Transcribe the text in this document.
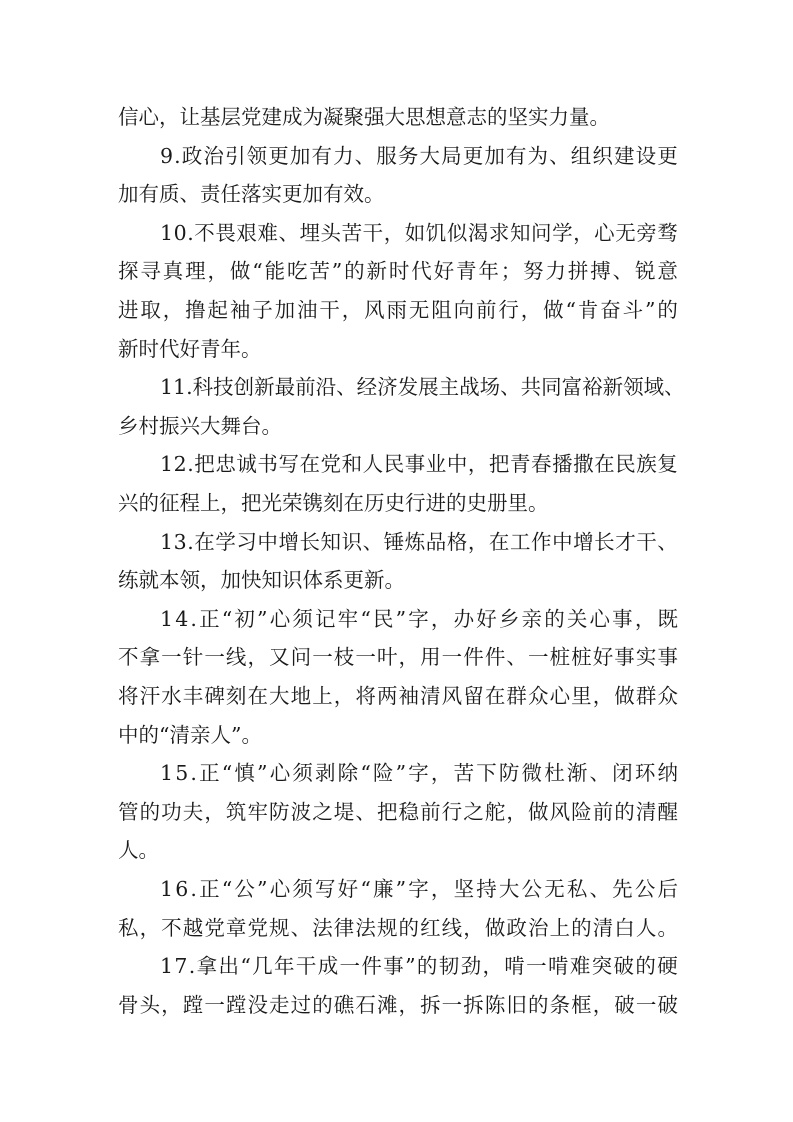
信心，让基层党建成为凝聚强大思想意志的坚实力量。
9 . 政 治 引 领 更 加 有 力 、 服 务 大 局 更 加 有 为 、 组 织 建 设 更
加有质、责任落实更加有效。
1 0 . 不 畏 艰 难 、 埋 头 苦 干 ， 如 饥 似 渴 求 知 问 学 ， 心 无 旁 骛
探 寻 真 理 ， 做 “ 能 吃 苦 ” 的 新 时 代 好 青 年 ； 努 力 拼 搏 、 锐 意
进 取 ， 撸 起 袖 子 加 油 干 ， 风 雨 无 阻 向 前 行 ， 做 “ 肯 奋 斗 ” 的
新时代好青年。
1 1 . 科 技 创 新 最 前 沿 、 经 济 发 展 主 战 场 、 共 同 富 裕 新 领 域 、
乡村振兴大舞台。
1 2 . 把 忠 诚 书 写 在 党 和 人 民 事 业 中 ， 把 青 春 播 撒 在 民 族 复
兴的征程上，把光荣镌刻在历史行进的史册里。
1 3 . 在 学 习 中 增 长 知 识 、 锤 炼 品 格 ， 在 工 作 中 增 长 才 干 、
练就本领，加快知识体系更新。
1 4 . 正 “ 初 ” 心 须 记 牢 “ 民 ” 字 ， 办 好 乡 亲 的 关 心 事 ， 既
不 拿 一 针 一 线 ， 又 问 一 枝 一 叶 ， 用 一 件 件 、 一 桩 桩 好 事 实 事
将 汗 水 丰 碑 刻 在 大 地 上 ， 将 两 袖 清 风 留 在 群 众 心 里 ， 做 群 众
中的“清亲人”。
1 5 . 正 “ 慎 ” 心 须 剥 除 “ 险 ” 字 ， 苦 下 防 微 杜 渐 、 闭 环 纳
管 的 功 夫 ， 筑 牢 防 波 之 堤 、 把 稳 前 行 之 舵 ， 做 风 险 前 的 清 醒
人。
1 6 . 正 “ 公 ” 心 须 写 好 “ 廉 ” 字 ， 坚 持 大 公 无 私 、 先 公 后
私 ， 不 越 党 章 党 规 、 法 律 法 规 的 红 线 ， 做 政 治 上 的 清 白 人 。
1 7 . 拿 出 “ 几 年 干 成 一 件 事 ” 的 韧 劲 ， 啃 一 啃 难 突 破 的 硬
骨 头 ， 蹚 一 蹚 没 走 过 的 礁 石 滩 ， 拆 一 拆 陈 旧 的 条 框 ， 破 一 破
